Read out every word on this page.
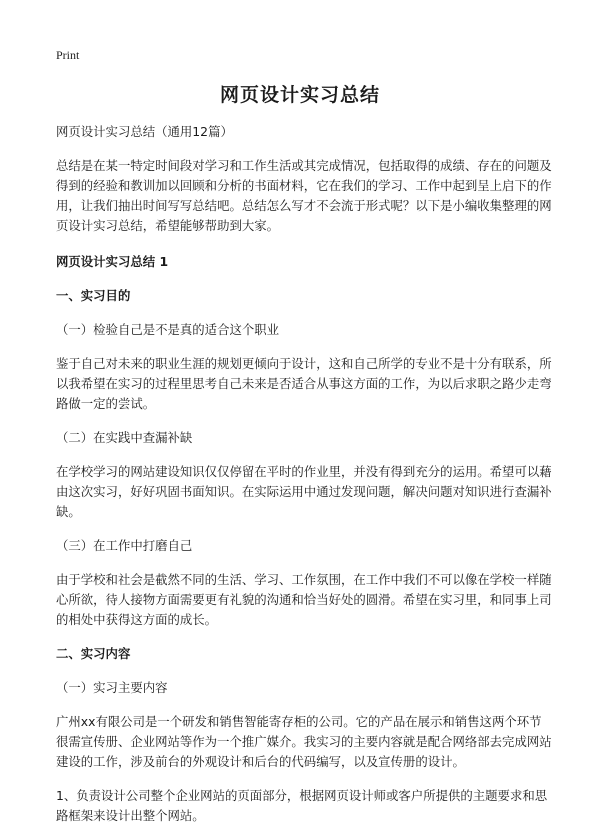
Print
网页设计实习总结

网页设计实习总结（通用12篇）

总结是在某一特定时间段对学习和工作生活或其完成情况，包括取得的成绩、存在的问题及得到的经验和教训加以回顾和分析的书面材料，它在我们的学习、工作中起到呈上启下的作用，让我们抽出时间写写总结吧。总结怎么写才不会流于形式呢？以下是小编收集整理的网页设计实习总结，希望能够帮助到大家。

网页设计实习总结 1

一、实习目的

（一）检验自己是不是真的适合这个职业

鉴于自己对未来的职业生涯的规划更倾向于设计，这和自己所学的专业不是十分有联系，所以我希望在实习的过程里思考自己未来是否适合从事这方面的工作，为以后求职之路少走弯路做一定的尝试。

（二）在实践中查漏补缺

在学校学习的网站建设知识仅仅停留在平时的作业里，并没有得到充分的运用。希望可以藉由这次实习，好好巩固书面知识。在实际运用中通过发现问题，解决问题对知识进行查漏补缺。

（三）在工作中打磨自己

由于学校和社会是截然不同的生活、学习、工作氛围，在工作中我们不可以像在学校一样随心所欲，待人接物方面需要更有礼貌的沟通和恰当好处的圆滑。希望在实习里，和同事上司的相处中获得这方面的成长。

二、实习内容

（一）实习主要内容

广州xx有限公司是一个研发和销售智能寄存柜的公司。它的产品在展示和销售这两个环节很需宣传册、企业网站等作为一个推广媒介。我实习的主要内容就是配合网络部去完成网站建设的工作，涉及前台的外观设计和后台的代码编写，以及宣传册的设计。

1、负责设计公司整个企业网站的页面部分，根据网页设计师或客户所提供的主题要求和思路框架来设计出整个网站。
